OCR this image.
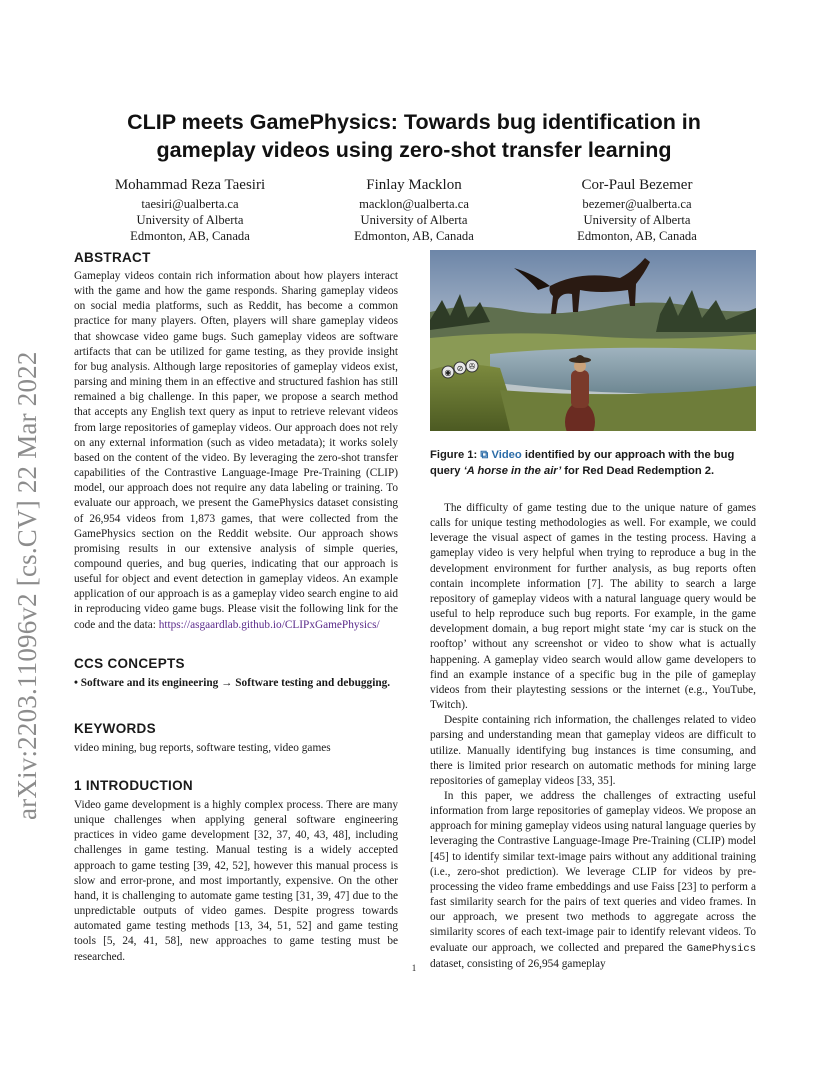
arXiv:2203.11096v2 [cs.CV] 22 Mar 2022
CLIP meets GamePhysics: Towards bug identification in
gameplay videos using zero-shot transfer learning
Mohammad Reza Taesiri
taesiri@ualberta.ca
University of Alberta
Edmonton, AB, Canada
Finlay Macklon
macklon@ualberta.ca
University of Alberta
Edmonton, AB, Canada
Cor-Paul Bezemer
bezemer@ualberta.ca
University of Alberta
Edmonton, AB, Canada
ABSTRACT

Gameplay videos contain rich information about how players interact with the game and how the game responds. Sharing gameplay videos on social media platforms, such as Reddit, has become a common practice for many players. Often, players will share gameplay videos that showcase video game bugs. Such gameplay videos are software artifacts that can be utilized for game testing, as they provide insight for bug analysis. Although large repositories of gameplay videos exist, parsing and mining them in an effective and structured fashion has still remained a big challenge. In this paper, we propose a search method that accepts any English text query as input to retrieve relevant videos from large repositories of gameplay videos. Our approach does not rely on any external information (such as video metadata); it works solely based on the content of the video. By leveraging the zero-shot transfer capabilities of the Contrastive Language-Image Pre-Training (CLIP) model, our approach does not require any data labeling or training. To evaluate our approach, we present the GamePhysics dataset consisting of 26,954 videos from 1,873 games, that were collected from the GamePhysics section on the Reddit website. Our approach shows promising results in our extensive analysis of simple queries, compound queries, and bug queries, indicating that our approach is useful for object and event detection in gameplay videos. An example application of our approach is as a gameplay video search engine to aid in reproducing video game bugs. Please visit the following link for the code and the data: https://asgaardlab.github.io/CLIPxGamePhysics/

CCS CONCEPTS
• Software and its engineering → Software testing and debugging.
KEYWORDS
video mining, bug reports, software testing, video games
1 INTRODUCTION
Video game development is a highly complex process. There are many unique challenges when applying general software engineering practices in video game development [32, 37, 40, 43, 48], including challenges in game testing. Manual testing is a widely accepted approach to game testing [39, 42, 52], however this manual process is slow and error-prone, and most importantly, expensive. On the other hand, it is challenging to automate game testing [31, 39, 47] due to the unpredictable outputs of video games. Despite progress towards automated game testing methods [13, 34, 51, 52] and game testing tools [5, 24, 41, 58], new approaches to game testing must be researched.
◉ ⊘ ✇
Figure 1: ⧉ Video identified by our approach with the bug query ‘A horse in the air’ for Red Dead Redemption 2.

The difficulty of game testing due to the unique nature of games calls for unique testing methodologies as well. For example, we could leverage the visual aspect of games in the testing process. Having a gameplay video is very helpful when trying to reproduce a bug in the development environment for further analysis, as bug reports often contain incomplete information [7]. The ability to search a large repository of gameplay videos with a natural language query would be useful to help reproduce such bug reports. For example, in the game development domain, a bug report might state ‘my car is stuck on the rooftop’ without any screenshot or video to show what is actually happening. A gameplay video search would allow game developers to find an example instance of a specific bug in the pile of gameplay videos from their playtesting sessions or the internet (e.g., YouTube, Twitch).

Despite containing rich information, the challenges related to video parsing and understanding mean that gameplay videos are difficult to utilize. Manually identifying bug instances is time consuming, and there is limited prior research on automatic methods for mining large repositories of gameplay videos [33, 35].

In this paper, we address the challenges of extracting useful information from large repositories of gameplay videos. We propose an approach for mining gameplay videos using natural language queries by leveraging the Contrastive Language-Image Pre-Training (CLIP) model [45] to identify similar text-image pairs without any additional training (i.e., zero-shot prediction). We leverage CLIP for videos by pre-processing the video frame embeddings and use Faiss [23] to perform a fast similarity search for the pairs of text queries and video frames. In our approach, we present two methods to aggregate across the similarity scores of each text-image pair to identify relevant videos. To evaluate our approach, we collected and prepared the GamePhysics dataset, consisting of 26,954 gameplay

1
